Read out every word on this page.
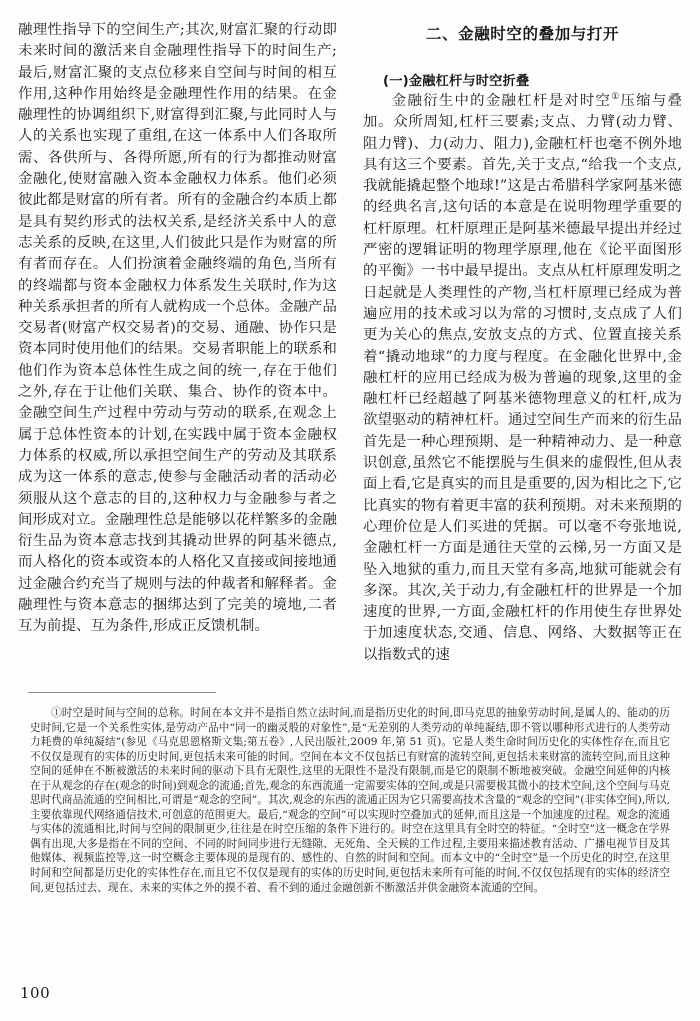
融理性指导下的空间生产;其次,财富汇聚的行动即未来时间的激活来自金融理性指导下的时间生产;最后,财富汇聚的支点位移来自空间与时间的相互作用,这种作用始终是金融理性作用的结果。在金融理性的协调组织下,财富得到汇聚,与此同时人与人的关系也实现了重组,在这一体系中人们各取所需、各供所与、各得所愿,所有的行为都推动财富金融化,使财富融入资本金融权力体系。他们必须彼此都是财富的所有者。所有的金融合约本质上都是具有契约形式的法权关系,是经济关系中人的意志关系的反映,在这里,人们彼此只是作为财富的所有者而存在。人们扮演着金融终端的角色,当所有的终端都与资本金融权力体系发生关联时,作为这种关系承担者的所有人就构成一个总体。金融产品交易者(财富产权交易者)的交易、通融、协作只是资本同时使用他们的结果。交易者职能上的联系和他们作为资本总体性生成之间的统一,存在于他们之外,存在于让他们关联、集合、协作的资本中。金融空间生产过程中劳动与劳动的联系,在观念上属于总体性资本的计划,在实践中属于资本金融权力体系的权威,所以承担空间生产的劳动及其联系成为这一体系的意志,使参与金融活动者的活动必须服从这个意志的目的,这种权力与金融参与者之间形成对立。金融理性总是能够以花样繁多的金融衍生品为资本意志找到其撬动世界的阿基米德点,而人格化的资本或资本的人格化又直接或间接地通过金融合约充当了规则与法的仲裁者和解释者。金融理性与资本意志的捆绑达到了完美的境地,二者互为前提、互为条件,形成正反馈机制。

二、金融时空的叠加与打开
(一)金融杠杆与时空折叠

金融衍生中的金融杠杆是对时空①压缩与叠加。众所周知,杠杆三要素;支点、力臂(动力臂、阻力臂)、力(动力、阻力),金融杠杆也毫不例外地具有这三个要素。首先,关于支点,“给我一个支点,我就能撬起整个地球!”这是古希腊科学家阿基米德的经典名言,这句话的本意是在说明物理学重要的杠杆原理。杠杆原理正是阿基米德最早提出并经过严密的逻辑证明的物理学原理,他在《论平面图形的平衡》一书中最早提出。支点从杠杆原理发明之日起就是人类理性的产物,当杠杆原理已经成为普遍应用的技术或习以为常的习惯时,支点成了人们更为关心的焦点,安放支点的方式、位置直接关系着“撬动地球”的力度与程度。在金融化世界中,金融杠杆的应用已经成为极为普遍的现象,这里的金融杠杆已经超越了阿基米德物理意义的杠杆,成为欲望驱动的精神杠杆。通过空间生产而来的衍生品首先是一种心理预期、是一种精神动力、是一种意识创意,虽然它不能摆脱与生俱来的虚假性,但从表面上看,它是真实的而且是重要的,因为相比之下,它比真实的物有着更丰富的获利预期。对未来预期的心理价位是人们买进的凭据。可以毫不夸张地说,金融杠杆一方面是通往天堂的云梯,另一方面又是坠入地狱的重力,而且天堂有多高,地狱可能就会有多深。其次,关于动力,有金融杠杆的世界是一个加速度的世界,一方面,金融杠杆的作用使生存世界处于加速度状态,交通、信息、网络、大数据等正在以指数式的速

①时空是时间与空间的总称。时间在本文并不是指自然立法时间,而是指历史化的时间,即马克思的抽象劳动时间,是属人的、能动的历史时间,它是一个关系性实体,是劳动产品中“同一的幽灵般的对象性”,是“无差别的人类劳动的单纯凝结,即不管以哪种形式进行的人类劳动力耗费的单纯凝结”(参见《马克思恩格斯文集;第五卷》,人民出版社,2009 年,第 51 页)。它是人类生命时间历史化的实体性存在,而且它不仅仅是现有的实体的历史时间,更包括未来可能的时间。空间在本文不仅包括已有财富的流转空间,更包括未来财富的流转空间,而且这种空间的延伸在不断被激活的未来时间的驱动下具有无限性,这里的无限性不是没有限制,而是它的限制不断地被突破。金融空间延伸的内核在于从观念的存在(观念的时间)到观念的流通;首先,观念的东西流通一定需要实体的空间,或是只需要极其微小的技术空间,这个空间与马克思时代商品流通的空间相比,可谓是“观念的空间”。其次,观念的东西的流通正因为它只需要高技术含量的“观念的空间”(非实体空间),所以,主要依靠现代网络通信技术,可创意的范围更大。最后,“观念的空间”可以实现时空叠加式的延伸,而且这是一个加速度的过程。观念的流通与实体的流通相比,时间与空间的限制更少,往往是在时空压缩的条件下进行的。时空在这里具有全时空的特征。“全时空”这一概念在学界偶有出现,大多是指在不同的空间、不同的时间同步进行无缝隙、无死角、全天候的工作过程,主要用来描述教育活动、广播电视节目及其他媒体、视频监控等,这一时空概念主要体现的是现有的、感性的、自然的时间和空间。而本文中的“全时空”是一个历史化的时空,在这里时间和空间都是历史化的实体性存在,而且它不仅仅是现有的实体的历史时间,更包括未来所有可能的时间,不仅仅包括现有的实体的经济空间,更包括过去、现在、未来的实体之外的摸不着、看不到的通过金融创新不断激活并供金融资本流通的空间。
100
